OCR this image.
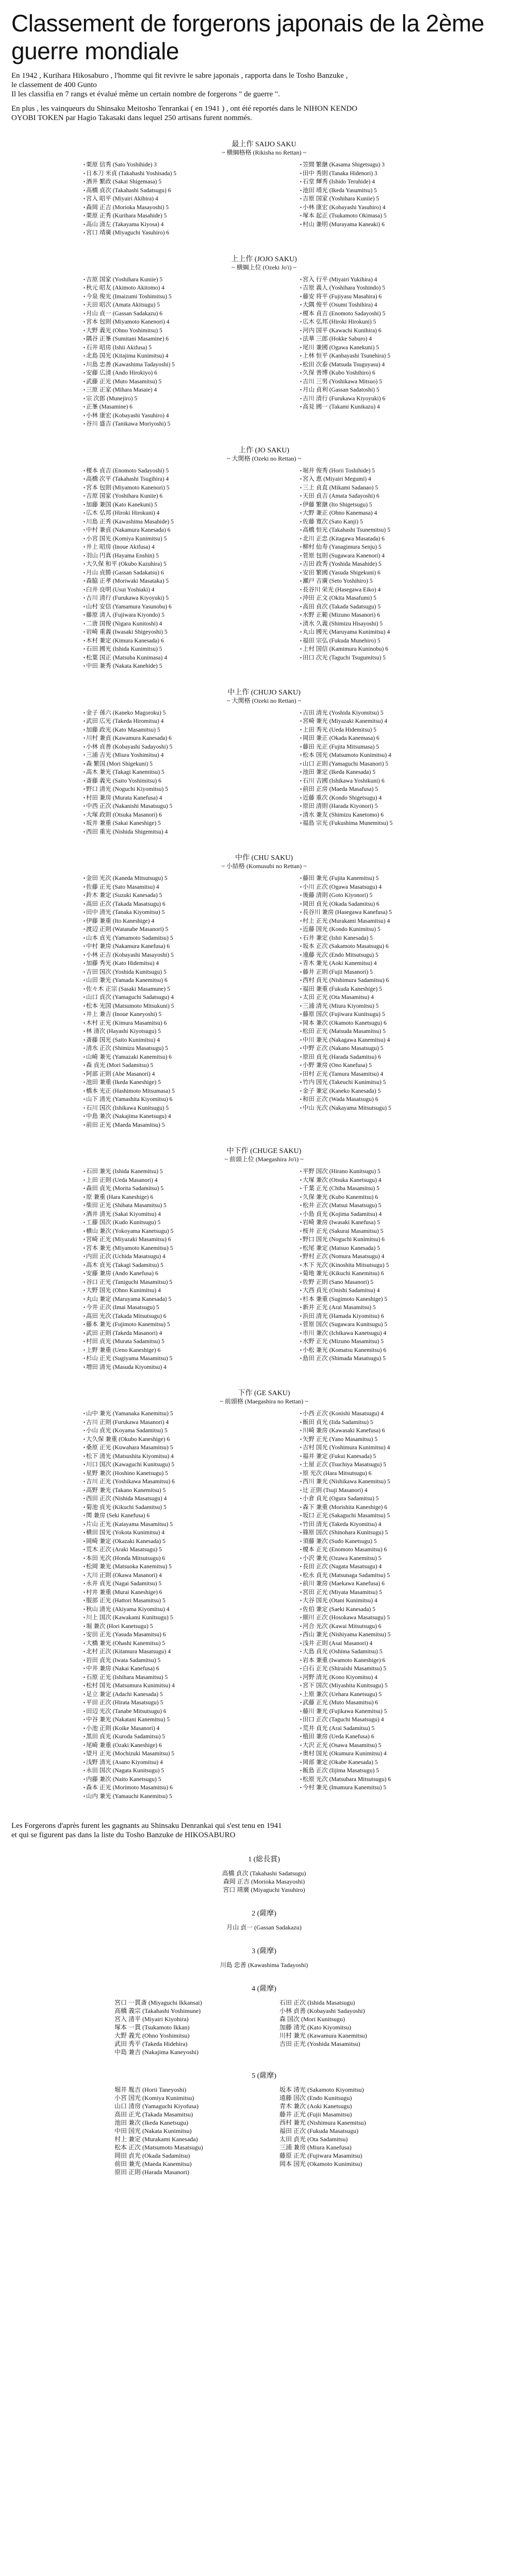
Classement de forgerons japonais de la 2ème guerre mondiale

En 1942 , Kurihara Hikosaburo , l'homme qui fit revivre le sabre japonais , rapporta dans le Tosho Banzuke ,

le classement de 400 Gunto

Il les classifia en 7 rangs et évalué même un certain nombre de forgerons " de guerre ".

En plus , les vainqueurs du Shinsaku Meitosho Tenrankai ( en 1941 ) , ont été reportés dans le NIHON KENDO

OYOBI TOKEN par Hagio Takasaki dans lequel 250 artisans furent nommés.

最上作 SAIJO SAKU
~ 横綱格格 (Rikisha no Rettan) ~
▪ 栗原 信秀 (Sato Yoshihide) 3
▪ 日本刀 米貞 (Takahashi Yoshisada) 5
▪ 酒井 繁政 (Sakai Shigemasa) 5
▪ 高橋 貞次 (Takahashi Sadatsugu) 6
▪ 宮入 昭平 (Miyairi Akihira) 4
▪ 森岡 正吉 (Morioka Masayoshi) 5
▪ 栗原 正秀 (Kurihara Masahide) 5
▪ 高山 清左 (Takayama Kiyosa) 4
▪ 宮口 靖廣 (Miyaguchi Yasuhiro) 6
▪ 笠間 繁継 (Kasama Shigetsugu) 3
▪ 田中 秀則 (Tanaka Hidenori) 3
▪ 石堂 輝秀 (Ishido Teruhide) 4
▪ 池田 靖光 (Ikeda Yasumitsu) 5
▪ 吉原 国家 (Yoshihara Kuniie) 5
▪ 小林 康宏 (Kobayashi Yasuhiro) 4
▪ 塚本 起正 (Tsukamoto Okimasa) 5
▪ 村山 兼明 (Murayama Kaneaki) 6
上上作 (JOJO SAKU)
~ 横綱上位 (Ozeki Jo'i) ~
▪ 吉原 国家 (Yoshihara Kuniie) 5
▪ 秋元 昭友 (Akimoto Akitomo) 4
▪ 今泉 俊光 (Imaizumi Toshimitsu) 5
▪ 天田 昭次 (Amata Akitsugu) 5
▪ 月山 貞一 (Gassan Sadakazu) 6
▪ 宮本 包則 (Miyamoto Kanenori) 4
▪ 大野 義光 (Ohno Yoshimitsu) 5
▪ 隅谷 正峯 (Sumitani Masamine) 6
▪ 石井 昭房 (Ishii Akifusa) 5
▪ 北島 国光 (Kitajima Kunimitsu) 4
▪ 川島 忠善 (Kawashima Tadayoshi) 5
▪ 安藤 広清 (Ando Hirokiyo) 6
▪ 武藤 正光 (Muto Masamitsu) 5
▪ 三原 正家 (Mihara Masaie) 4
▪ 宗 次郎 (Munejiro) 5
▪ 正峯 (Masamine) 6
▪ 小林 康宏 (Kobayashi Yasuhiro) 4
▪ 谷川 盛吉 (Tanikawa Moriyoshi) 5
▪ 宮入 行平 (Miyairi Yukihira) 4
▪ 吉原 義人 (Yoshihara Yoshindo) 5
▪ 藤安 将平 (Fujiyasu Masahira) 6
▪ 大隅 俊平 (Osumi Toshihira) 4
▪ 榎本 貞吉 (Enomoto Sadayoshi) 5
▪ 広木 弘邦 (Hiroki Hirokuni) 5
▪ 河内 国平 (Kawachi Kunihira) 6
▪ 法華 三郎 (Hokke Saburo) 4
▪ 尾川 兼國 (Ogawa Kanekuni) 5
▪ 上林 恒平 (Kanbayashi Tsunehira) 5
▪ 松田 次泰 (Matsuda Tsuguyasu) 4
▪ 久保 善博 (Kubo Yoshihiro) 6
▪ 吉川 三男 (Yoshikawa Mitsuo) 5
▪ 月山 貞利 (Gassan Sadatoshi) 5
▪ 古川 清行 (Furukawa Kiyoyuki) 6
▪ 高見 國一 (Takami Kunikazu) 4
上作 (JO SAKU)
~ 大関格 (Ozeki no Rettan) ~
▪ 榎本 貞吉 (Enomoto Sadayoshi) 5
▪ 高橋 次平 (Takahashi Tsugihira) 4
▪ 宮本 包則 (Miyamoto Kanenori) 5
▪ 吉原 国家 (Yoshihara Kuniie) 6
▪ 加藤 兼国 (Kato Kanekuni) 5
▪ 広木 弘邦 (Hiroki Hirokuni) 4
▪ 川島 正秀 (Kawashima Masahide) 5
▪ 中村 兼貞 (Nakamura Kanesada) 6
▪ 小宮 国光 (Komiya Kunimitsu) 5
▪ 井上 昭房 (Inoue Akifusa) 4
▪ 羽山 円真 (Hayama Enshin) 5
▪ 大久保 和平 (Okubo Kazuhira) 5
▪ 月山 貞勝 (Gassan Sadakatsu) 6
▪ 森脇 正孝 (Moriwaki Masataka) 5
▪ 臼井 良明 (Usui Yoshiaki) 4
▪ 古川 清行 (Furukawa Kiyoyuki) 5
▪ 山村 安信 (Yamamura Yasunobu) 6
▪ 藤原 清人 (Fujiwara Kiyondo) 5
▪ 二唐 国俊 (Nigara Kunitoshi) 4
▪ 岩崎 重義 (Iwasaki Shigeyoshi) 5
▪ 木村 兼定 (Kimura Kanesada) 6
▪ 石田 國光 (Ishida Kunimitsu) 5
▪ 松葉 国正 (Matsuba Kunimasa) 4
▪ 中田 兼秀 (Nakata Kanehide) 5
▪ 堀井 俊秀 (Horii Toshihide) 5
▪ 宮入 恵 (Miyairi Megumi) 4
▪ 三上 貞直 (Mikami Sadanao) 5
▪ 天田 貞吉 (Amata Sadayoshi) 6
▪ 伊藤 繁継 (Ito Shigetsugu) 5
▪ 大野 兼正 (Ohno Kanemasa) 4
▪ 佐藤 寛次 (Sato Kanji) 5
▪ 高橋 恒光 (Takahashi Tsunemitsu) 5
▪ 北川 正忠 (Kitagawa Masatada) 6
▪ 柳村 仙寿 (Yanagimura Senju) 5
▪ 菅原 包則 (Sugawara Kanenori) 4
▪ 吉田 政秀 (Yoshida Masahide) 5
▪ 安田 繁國 (Yasuda Shigekuni) 6
▪ 瀬戸 吉廣 (Seto Yoshihiro) 5
▪ 長谷川 栄光 (Hasegawa Eiko) 4
▪ 沖田 正文 (Okita Masafumi) 5
▪ 高田 貞次 (Takada Sadatsugu) 5
▪ 水野 正範 (Mizuno Masanori) 6
▪ 清水 久義 (Shimizu Hisayoshi) 5
▪ 丸山 國光 (Maruyama Kunimitsu) 4
▪ 福田 宗弘 (Fukuda Munehiro) 5
▪ 上村 国信 (Kamimura Kuninobu) 6
▪ 田口 次光 (Taguchi Tsugumitsu) 5
中上作 (CHUJO SAKU)
~ 大関格 (Ozeki no Rettan) ~
▪ 金子 孫六 (Kaneko Magoroku) 5
▪ 武田 広光 (Takeda Hiromitsu) 4
▪ 加藤 政光 (Kato Masamitsu) 5
▪ 川村 兼貞 (Kawamura Kanesada) 6
▪ 小林 貞善 (Kobayashi Sadayoshi) 5
▪ 三浦 吉光 (Miura Yoshimitsu) 4
▪ 森 繁国 (Mori Shigekuni) 5
▪ 高木 兼光 (Takagi Kanemitsu) 5
▪ 斎藤 義光 (Saito Yoshimitsu) 6
▪ 野口 清光 (Noguchi Kiyomitsu) 5
▪ 村田 兼房 (Murata Kanefusa) 4
▪ 中西 正次 (Nakanishi Masatsugu) 5
▪ 大塚 政則 (Otsuka Masanori) 6
▪ 坂井 兼重 (Sakai Kaneshige) 5
▪ 西田 重光 (Nishida Shigemitsu) 4
▪ 吉田 清光 (Yoshida Kiyomitsu) 5
▪ 宮崎 兼光 (Miyazaki Kanemitsu) 4
▪ 上田 秀光 (Ueda Hidemitsu) 5
▪ 岡田 兼正 (Okada Kanemasa) 6
▪ 藤田 光正 (Fujita Mitsumasa) 5
▪ 松本 国光 (Matsumoto Kunimitsu) 4
▪ 山口 正則 (Yamaguchi Masanori) 5
▪ 池田 兼定 (Ikeda Kanesada) 5
▪ 石川 吉國 (Ishikawa Yoshikuni) 6
▪ 前田 正房 (Maeda Masafusa) 5
▪ 近藤 重次 (Kondo Shigetsugu) 4
▪ 原田 清則 (Harada Kiyonori) 5
▪ 清水 兼友 (Shimizu Kanetomo) 6
▪ 福島 宗光 (Fukushima Munemitsu) 5
中作 (CHU SAKU)
~ 小結格 (Komusubi no Rettan) ~
▪ 金田 光次 (Kaneda Mitsutsugu) 5
▪ 佐藤 正光 (Sato Masamitsu) 4
▪ 鈴木 兼定 (Suzuki Kanesada) 5
▪ 高田 正次 (Takada Masatsugu) 6
▪ 田中 清光 (Tanaka Kiyomitsu) 5
▪ 伊藤 兼重 (Ito Kaneshige) 4
▪ 渡辺 正則 (Watanabe Masanori) 5
▪ 山本 貞光 (Yamamoto Sadamitsu) 5
▪ 中村 兼房 (Nakamura Kanefusa) 6
▪ 小林 正吉 (Kobayashi Masayoshi) 5
▪ 加藤 秀光 (Kato Hidemitsu) 4
▪ 吉田 国次 (Yoshida Kunitsugu) 5
▪ 山田 兼光 (Yamada Kanemitsu) 6
▪ 佐々木 正宗 (Sasaki Masamune) 5
▪ 山口 貞次 (Yamaguchi Sadatsugu) 4
▪ 松本 光国 (Matsumoto Mitsukuni) 5
▪ 井上 兼吉 (Inoue Kaneyoshi) 5
▪ 木村 正光 (Kimura Masamitsu) 6
▪ 林 清次 (Hayashi Kiyotsugu) 5
▪ 斎藤 国光 (Saito Kunimitsu) 4
▪ 清水 正次 (Shimizu Masatsugu) 5
▪ 山崎 兼光 (Yamazaki Kanemitsu) 6
▪ 森 貞光 (Mori Sadamitsu) 5
▪ 阿部 正則 (Abe Masanori) 4
▪ 池田 兼重 (Ikeda Kaneshige) 5
▪ 橋本 光正 (Hashimoto Mitsumasa) 5
▪ 山下 清光 (Yamashita Kiyomitsu) 6
▪ 石川 国次 (Ishikawa Kunitsugu) 5
▪ 中島 兼次 (Nakajima Kanetsugu) 4
▪ 前田 正光 (Maeda Masamitsu) 5
▪ 藤田 兼光 (Fujita Kanemitsu) 5
▪ 小川 正次 (Ogawa Masatsugu) 4
▪ 後藤 清則 (Goto Kiyonori) 5
▪ 岡田 貞光 (Okada Sadamitsu) 6
▪ 長谷川 兼房 (Hasegawa Kanefusa) 5
▪ 村上 正光 (Murakami Masamitsu) 4
▪ 近藤 国光 (Kondo Kunimitsu) 5
▪ 石井 兼定 (Ishii Kanesada) 5
▪ 坂本 正次 (Sakamoto Masatsugu) 6
▪ 遠藤 光次 (Endo Mitsutsugu) 5
▪ 青木 兼光 (Aoki Kanemitsu) 4
▪ 藤井 正則 (Fujii Masanori) 5
▪ 西村 貞光 (Nishimura Sadamitsu) 6
▪ 福田 兼重 (Fukuda Kaneshige) 5
▪ 太田 正光 (Ota Masamitsu) 4
▪ 三浦 清光 (Miura Kiyomitsu) 5
▪ 藤原 国次 (Fujiwara Kunitsugu) 5
▪ 岡本 兼次 (Okamoto Kanetsugu) 6
▪ 松田 正光 (Matsuda Masamitsu) 5
▪ 中川 兼光 (Nakagawa Kanemitsu) 4
▪ 中野 正次 (Nakano Masatsugu) 5
▪ 原田 貞光 (Harada Sadamitsu) 6
▪ 小野 兼房 (Ono Kanefusa) 5
▪ 田村 正光 (Tamura Masamitsu) 4
▪ 竹内 国光 (Takeuchi Kunimitsu) 5
▪ 金子 兼定 (Kaneko Kanesada) 5
▪ 和田 正次 (Wada Masatsugu) 6
▪ 中山 光次 (Nakayama Mitsutsugu) 5
中下作 (CHUGE SAKU)
~ 前頭上位 (Maegashira Jo'i) ~
▪ 石田 兼光 (Ishida Kanemitsu) 5
▪ 上田 正則 (Ueda Masanori) 4
▪ 森田 貞光 (Morita Sadamitsu) 5
▪ 原 兼重 (Hara Kaneshige) 6
▪ 柴田 正光 (Shibata Masamitsu) 5
▪ 酒井 清光 (Sakai Kiyomitsu) 4
▪ 工藤 国次 (Kudo Kunitsugu) 5
▪ 横山 兼次 (Yokoyama Kanetsugu) 5
▪ 宮崎 正光 (Miyazaki Masamitsu) 6
▪ 宮本 兼光 (Miyamoto Kanemitsu) 5
▪ 内田 正次 (Uchida Masatsugu) 4
▪ 高木 貞光 (Takagi Sadamitsu) 5
▪ 安藤 兼房 (Ando Kanefusa) 6
▪ 谷口 正光 (Taniguchi Masamitsu) 5
▪ 大野 国光 (Ohno Kunimitsu) 4
▪ 丸山 兼定 (Maruyama Kanesada) 5
▪ 今井 正次 (Imai Masatsugu) 5
▪ 高田 光次 (Takada Mitsutsugu) 6
▪ 藤本 兼光 (Fujimoto Kanemitsu) 5
▪ 武田 正則 (Takeda Masanori) 4
▪ 村田 貞光 (Murata Sadamitsu) 5
▪ 上野 兼重 (Ueno Kaneshige) 6
▪ 杉山 正光 (Sugiyama Masamitsu) 5
▪ 増田 清光 (Masuda Kiyomitsu) 4
▪ 平野 国次 (Hirano Kunitsugu) 5
▪ 大塚 兼次 (Otsuka Kanetsugu) 4
▪ 千葉 正光 (Chiba Masamitsu) 5
▪ 久保 兼光 (Kubo Kanemitsu) 6
▪ 松井 正次 (Matsui Masatsugu) 5
▪ 小島 貞光 (Kojima Sadamitsu) 4
▪ 岩崎 兼房 (Iwasaki Kanefusa) 5
▪ 桜井 正光 (Sakurai Masamitsu) 5
▪ 野口 国光 (Noguchi Kunimitsu) 6
▪ 松尾 兼定 (Matsuo Kanesada) 5
▪ 野村 正次 (Nomura Masatsugu) 4
▪ 木下 光次 (Kinoshita Mitsutsugu) 5
▪ 菊地 兼光 (Kikuchi Kanemitsu) 6
▪ 佐野 正則 (Sano Masanori) 5
▪ 大西 貞光 (Onishi Sadamitsu) 4
▪ 杉本 兼重 (Sugimoto Kaneshige) 5
▪ 新井 正光 (Arai Masamitsu) 5
▪ 浜田 清光 (Hamada Kiyomitsu) 6
▪ 菅原 国次 (Sugawara Kunitsugu) 5
▪ 市川 兼次 (Ichikawa Kanetsugu) 4
▪ 水野 正光 (Mizuno Masamitsu) 5
▪ 小松 兼光 (Komatsu Kanemitsu) 6
▪ 島田 正次 (Shimada Masatsugu) 5
下作 (GE SAKU)
~ 前頭格 (Maegashira no Rettan) ~
▪ 山中 兼光 (Yamanaka Kanemitsu) 5
▪ 古川 正則 (Furukawa Masanori) 4
▪ 小山 貞光 (Koyama Sadamitsu) 5
▪ 大久保 兼重 (Okubo Kaneshige) 6
▪ 桑原 正光 (Kuwahara Masamitsu) 5
▪ 松下 清光 (Matsushita Kiyomitsu) 4
▪ 川口 国次 (Kawaguchi Kunitsugu) 5
▪ 星野 兼次 (Hoshino Kanetsugu) 5
▪ 吉川 正光 (Yoshikawa Masamitsu) 6
▪ 高野 兼光 (Takano Kanemitsu) 5
▪ 西田 正次 (Nishida Masatsugu) 4
▪ 菊池 貞光 (Kikuchi Sadamitsu) 5
▪ 関 兼房 (Seki Kanefusa) 6
▪ 片山 正光 (Katayama Masamitsu) 5
▪ 横田 国光 (Yokota Kunimitsu) 4
▪ 岡崎 兼定 (Okazaki Kanesada) 5
▪ 荒木 正次 (Araki Masatsugu) 5
▪ 本田 光次 (Honda Mitsutsugu) 6
▪ 松岡 兼光 (Matsuoka Kanemitsu) 5
▪ 大川 正則 (Okawa Masanori) 4
▪ 永井 貞光 (Nagai Sadamitsu) 5
▪ 村井 兼重 (Murai Kaneshige) 6
▪ 服部 正光 (Hattori Masamitsu) 5
▪ 秋山 清光 (Akiyama Kiyomitsu) 4
▪ 川上 国次 (Kawakami Kunitsugu) 5
▪ 堀 兼次 (Hori Kanetsugu) 5
▪ 安田 正光 (Yasuda Masamitsu) 6
▪ 大橋 兼光 (Ohashi Kanemitsu) 5
▪ 北村 正次 (Kitamura Masatsugu) 4
▪ 岩田 貞光 (Iwata Sadamitsu) 5
▪ 中井 兼房 (Nakai Kanefusa) 6
▪ 石原 正光 (Ishihara Masamitsu) 5
▪ 松村 国光 (Matsumura Kunimitsu) 4
▪ 足立 兼定 (Adachi Kanesada) 5
▪ 平田 正次 (Hirata Masatsugu) 5
▪ 田辺 光次 (Tanabe Mitsutsugu) 6
▪ 中谷 兼光 (Nakatani Kanemitsu) 5
▪ 小池 正則 (Koike Masanori) 4
▪ 黒田 貞光 (Kuroda Sadamitsu) 5
▪ 尾崎 兼重 (Ozaki Kaneshige) 6
▪ 望月 正光 (Mochizuki Masamitsu) 5
▪ 浅野 清光 (Asano Kiyomitsu) 4
▪ 永田 国次 (Nagata Kunitsugu) 5
▪ 内藤 兼次 (Naito Kanetsugu) 5
▪ 森本 正光 (Morimoto Masamitsu) 6
▪ 山内 兼光 (Yamauchi Kanemitsu) 5
▪ 小西 正次 (Konishi Masatsugu) 4
▪ 飯田 貞光 (Iida Sadamitsu) 5
▪ 川崎 兼房 (Kawasaki Kanefusa) 6
▪ 矢野 正光 (Yano Masamitsu) 5
▪ 吉村 国光 (Yoshimura Kunimitsu) 4
▪ 福井 兼定 (Fukui Kanesada) 5
▪ 土屋 正次 (Tsuchiya Masatsugu) 5
▪ 原 光次 (Hara Mitsutsugu) 6
▪ 西川 兼光 (Nishikawa Kanemitsu) 5
▪ 辻 正則 (Tsuji Masanori) 4
▪ 小倉 貞光 (Ogura Sadamitsu) 5
▪ 森下 兼重 (Morishita Kaneshige) 6
▪ 坂口 正光 (Sakaguchi Masamitsu) 5
▪ 竹田 清光 (Takeda Kiyomitsu) 4
▪ 篠原 国次 (Shinohara Kunitsugu) 5
▪ 須藤 兼次 (Sudo Kanetsugu) 5
▪ 榎本 正光 (Enomoto Masamitsu) 6
▪ 小沢 兼光 (Ozawa Kanemitsu) 5
▪ 長田 正次 (Nagata Masatsugu) 4
▪ 松永 貞光 (Matsunaga Sadamitsu) 5
▪ 前川 兼房 (Maekawa Kanefusa) 6
▪ 宮田 正光 (Miyata Masamitsu) 5
▪ 大谷 国光 (Otani Kunimitsu) 4
▪ 佐伯 兼定 (Saeki Kanesada) 5
▪ 細川 正次 (Hosokawa Masatsugu) 5
▪ 河合 光次 (Kawai Mitsutsugu) 6
▪ 西山 兼光 (Nishiyama Kanemitsu) 5
▪ 浅井 正則 (Asai Masanori) 4
▪ 大島 貞光 (Oshima Sadamitsu) 5
▪ 岩本 兼重 (Iwamoto Kaneshige) 6
▪ 白石 正光 (Shiraishi Masamitsu) 5
▪ 河野 清光 (Kono Kiyomitsu) 4
▪ 宮下 国次 (Miyashita Kunitsugu) 5
▪ 上原 兼次 (Uehara Kanetsugu) 5
▪ 武藤 正光 (Muto Masamitsu) 6
▪ 藤川 兼光 (Fujikawa Kanemitsu) 5
▪ 田口 正次 (Taguchi Masatsugu) 4
▪ 荒井 貞光 (Arai Sadamitsu) 5
▪ 植田 兼房 (Ueda Kanefusa) 6
▪ 大沢 正光 (Osawa Masamitsu) 5
▪ 奥村 国光 (Okumura Kunimitsu) 4
▪ 岡部 兼定 (Okabe Kanesada) 5
▪ 飯島 正次 (Iijima Masatsugu) 5
▪ 松原 光次 (Matsubara Mitsutsugu) 6
▪ 今村 兼光 (Imamura Kanemitsu) 5

Les Forgerons d'après furent les gagnants au Shinsaku Denrankai qui s'est tenu en 1941

et qui se figurent pas dans la liste du Tosho Banzuke de HIKOSABURO

1 (総長賞)
高橋 貞次 (Takahashi Sadatsugu)
森岡 正吉 (Morioka Masayoshi)
宮口 靖廣 (Miyaguchi Yasuhiro)
2 (薩摩)
月山 貞一 (Gassan Sadakazu)
3 (薩摩)
川島 忠善 (Kawashima Tadayoshi)
4 (薩摩)
宮口 一貫斎 (Miyaguchi Ikkansai)
高橋 義宗 (Takahashi Yoshimune)
宮入 清平 (Miyairi Kiyohira)
塚本 一貫 (Tsukamoto Ikkan)
大野 義光 (Ohno Yoshimitsu)
武田 秀平 (Takeda Hidehira)
中島 兼吉 (Nakajima Kaneyoshi)
石田 正次 (Ishida Masatsugu)
小林 貞善 (Kobayashi Sadayoshi)
森 国次 (Mori Kunitsugu)
加藤 清光 (Kato Kiyomitsu)
川村 兼光 (Kawamura Kanemitsu)
吉田 正光 (Yoshida Masamitsu)
5 (薩摩)
堀井 胤吉 (Horii Taneyoshi)
小宮 国光 (Komiya Kunimitsu)
山口 清房 (Yamaguchi Kiyofusa)
高田 正光 (Takada Masamitsu)
池田 兼次 (Ikeda Kanetsugu)
中田 国光 (Nakata Kunimitsu)
村上 兼定 (Murakami Kanesada)
松本 正次 (Matsumoto Masatsugu)
岡田 貞光 (Okada Sadamitsu)
前田 兼光 (Maeda Kanemitsu)
原田 正則 (Harada Masanori)
坂本 清光 (Sakamoto Kiyomitsu)
遠藤 国次 (Endo Kunitsugu)
青木 兼次 (Aoki Kanetsugu)
藤井 正光 (Fujii Masamitsu)
西村 兼光 (Nishimura Kanemitsu)
福田 正次 (Fukuda Masatsugu)
太田 貞光 (Ota Sadamitsu)
三浦 兼房 (Miura Kanefusa)
藤原 正光 (Fujiwara Masamitsu)
岡本 国光 (Okamoto Kunimitsu)
